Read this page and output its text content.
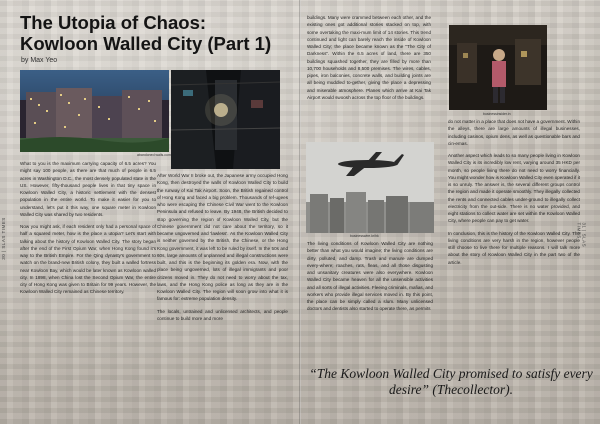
The Utopia of Chaos:
Kowloon Walled City (Part 1)
by Max Yeo
abandoned walls.com

What to you is the maximum carrying capacity of 6.5 acres? You might say 100 people, as there are that much of people in 6.5 acres in Washington D.C., the most densely populated state in the US. However, fifty-thousand people lives in that tiny space in Kowloon Walled City, a historic settlement with the densest population in the entire world. To make it easier for you to understand, let's put it this way, one square meter in Kowloon Walled City was shared by two residents.

Now you might ask, if each resident only had a personal space of half a squared meter, how is the place a utopia? Let's start with talking about the history of Kowloon Walled City. The story began after the end of the First Opium War, when Hong Kong found it's way to the British Empire. For the Qing dynasty's government to watch on the brand-new British colony, they built a walled fortress near Kowloon Bay, which would be later known as Kowloon walled city. In 1898, when China lost the Second Opium War, the entire city of Hong Kong was given to Britain for 99 years. However, the Kowloon Walled City remained as Chinese territory.

After World War II broke out, the Japanese army occupied Hong Kong, then destroyed the walls of Kowloon Walled City to build the runway of Kai Tak Airport. Soon, the British regained control of Hong Kong and faced a big problem. Thousands of ref-ugees who were escaping the Chinese Civil War went to the Kowloon Peninsula and refused to leave. By 1948, the British decided to stop governing the region of Kowloon Walled City, but the Chinese government did not care about the territory, so it became ungoverned and 'lawless'. As the Kowloon Walled City is neither governed by the British, the Chinese, or the Hong Kong government, it was left to be ruled by itself. In the 50s and 60s, large amounts of unplanned and illegal constructions were built, and this is the beginning its golden era. Now, with the place being ungoverned, lots of illegal immigrants and poor citizens moved in. They do not need to worry about the tax, laws, and the Hong Kong police as long as they are in the Kowloon Walled City. The region will soon grow into what it is famous for: extreme population density.

The locals, untrained and unlicensed architects, and people continue to build more and more

30 | SLAS TIMES

buildings. Many were crammed between each other, and the existing ones got additional stories stacked on top, with some overtaking the maxi-mum limit of 14 stories. This trend continued and light can barely reach the inside of Kowloon Walled City; the place became known as the "The City of Darkness". Within the 6.5 acres of land, there are 350 buildings squashed together, they are filled by more than 10,700 households and 8,500 premises. The wires, cables, pipes, iron balconies, concrete walls, and building joints are all being muddled to-gether, giving the place a depressing and miserable atmosphere. Planes which arrive at Kai Tak Airport would swoosh across the top floor of the buildings.

businessinsider.in
businesswire.kr/hk

The living conditions of Kowloon Walled City are nothing better than what you would imagine; the living conditions are dirty, polluted, and damp. Trash and manure are dumped every-where; roaches, rats, fleas, and all those disgusting and unsanitary creatures were also everywhere. Kowloon Walled City became heaven for all the unsensible activities and all sorts of illegal activities. Fleeing criminals, mafias, and workers who provide illegal services moved in. By this point, the place can be simply called a slum. Many unlicensed doctors and dentists also started to operate there, as permits

do not matter in a place that does not have a government. Within the alleys, there are large amounts of illegal businesses, including casinos, opium dens, as well as questionable bars and cin-emas.

Another aspect which leads to so many people living in Kowloon Walled City is its incredibly low rent, varying around 35 HKD per month, so people living there do not need to worry financially. You might wonder how is Kowloon Walled City even operated if it is so unruly. The answer is, the several different groups control the region and made it operate smoothly. They illegally collected the rents and connected cables under-ground to illegally collect electricity from the out-side. There is no water provided, and eight stations to collect water are set within the Kowloon Walled City, where people can pay to get water.

In conclusion, this is the history of the Kowloon Walled City. The living conditions are very harsh in the region, however people still choose to live there for multiple reasons. I will talk more about the story of Kowloon Walled City in the part two of the article.

31 | SLAS TIMES
“The Kowloon Walled City promised to satisfy every desire” (Thecollector).
